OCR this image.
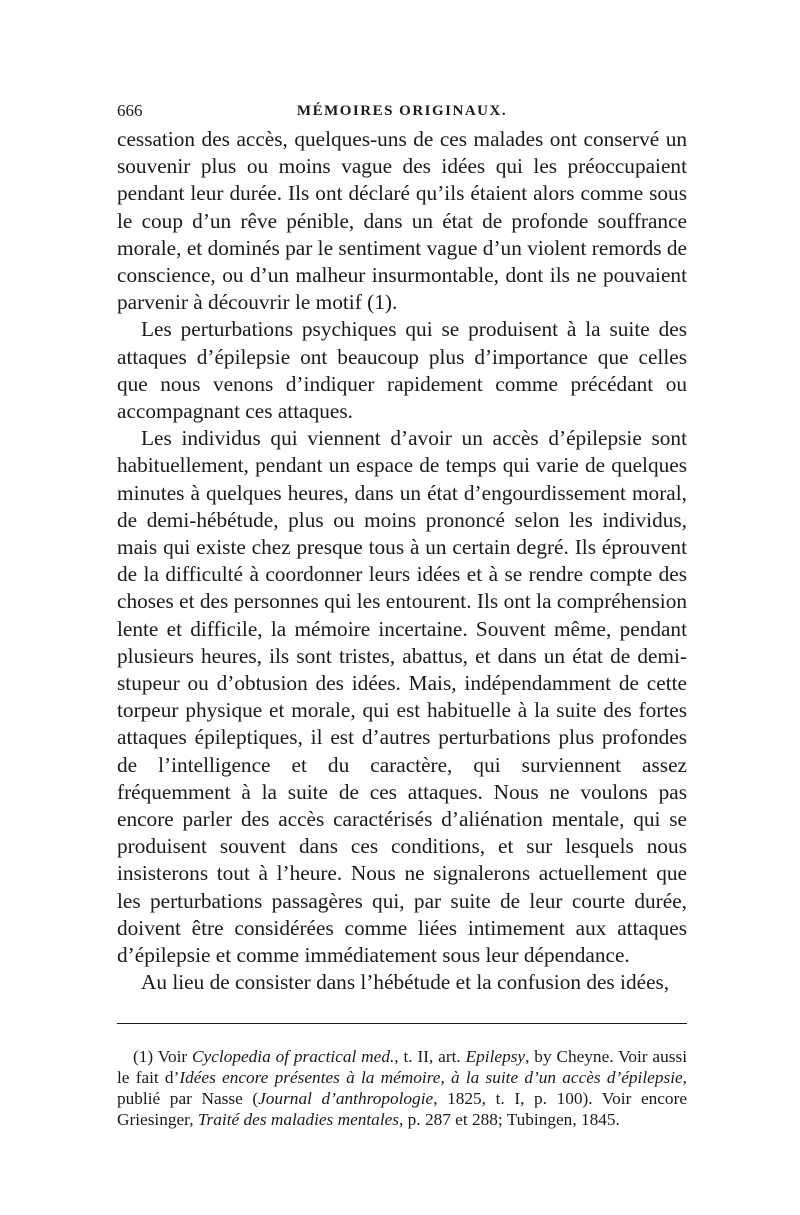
666	MÉMOIRES ORIGINAUX.

cessation des accès, quelques-uns de ces malades ont conservé un souvenir plus ou moins vague des idées qui les préoccupaient pendant leur durée. Ils ont déclaré qu’ils étaient alors comme sous le coup d’un rêve pénible, dans un état de profonde souffrance morale, et dominés par le sentiment vague d’un violent remords de conscience, ou d’un malheur insurmontable, dont ils ne pouvaient parvenir à découvrir le motif (1).

Les perturbations psychiques qui se produisent à la suite des attaques d’épilepsie ont beaucoup plus d’importance que celles que nous venons d’indiquer rapidement comme précédant ou accompagnant ces attaques.

Les individus qui viennent d’avoir un accès d’épilepsie sont habituellement, pendant un espace de temps qui varie de quelques minutes à quelques heures, dans un état d’engourdissement moral, de demi-hébétude, plus ou moins prononcé selon les individus, mais qui existe chez presque tous à un certain degré. Ils éprouvent de la difficulté à coordonner leurs idées et à se rendre compte des choses et des personnes qui les entourent. Ils ont la compréhension lente et difficile, la mémoire incertaine. Souvent même, pendant plusieurs heures, ils sont tristes, abattus, et dans un état de demi-stupeur ou d’obtusion des idées. Mais, indépendamment de cette torpeur physique et morale, qui est habituelle à la suite des fortes attaques épileptiques, il est d’autres perturbations plus profondes de l’intelligence et du caractère, qui surviennent assez fréquemment à la suite de ces attaques. Nous ne voulons pas encore parler des accès caractérisés d’aliénation mentale, qui se produisent souvent dans ces conditions, et sur lesquels nous insisterons tout à l’heure. Nous ne signalerons actuellement que les perturbations passagères qui, par suite de leur courte durée, doivent être considérées comme liées intimement aux attaques d’épilepsie et comme immédiatement sous leur dépendance.

Au lieu de consister dans l’hébétude et la confusion des idées,

(1) Voir Cyclopedia of practical med., t. II, art. Epilepsy, by Cheyne. Voir aussi le fait d’Idées encore présentes à la mémoire, à la suite d’un accès d’épilepsie, publié par Nasse (Journal d’anthropologie, 1825, t. I, p. 100). Voir encore Griesinger, Traité des maladies mentales, p. 287 et 288; Tubingen, 1845.
